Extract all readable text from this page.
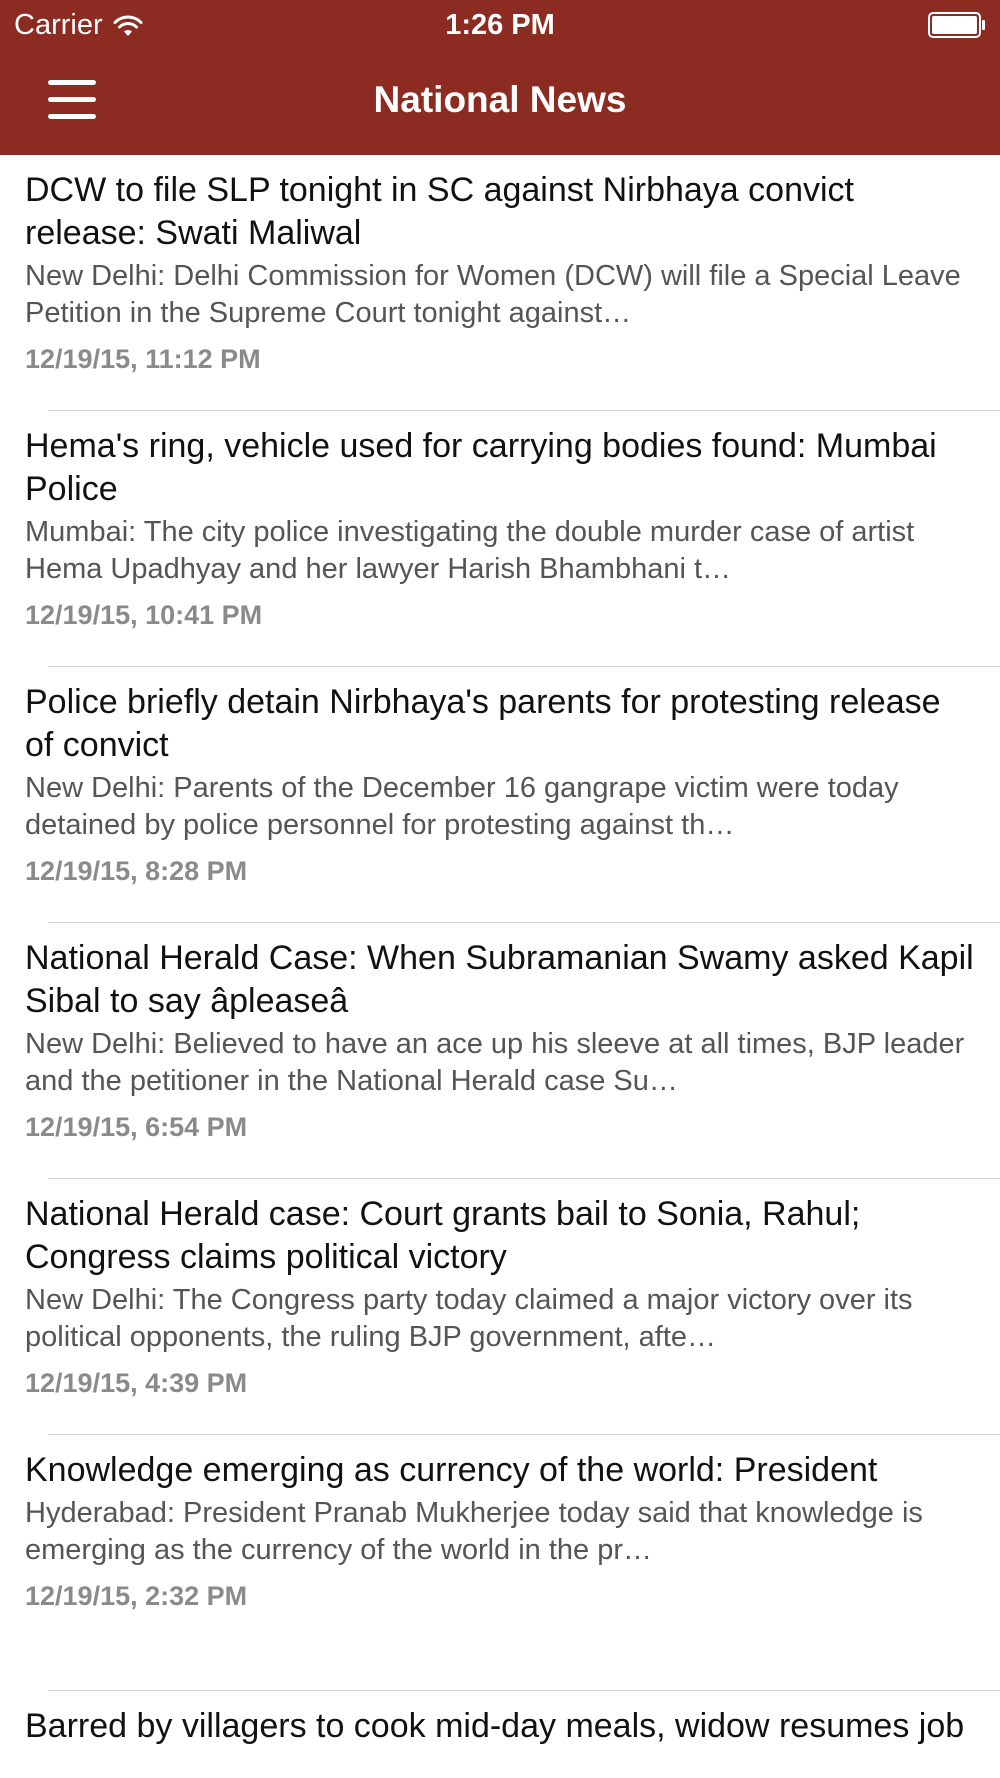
Carrier	1:26 PM
National News
DCW to file SLP tonight in SC against Nirbhaya convict release: Swati Maliwal
New Delhi: Delhi Commission for Women (DCW) will file a Special Leave Petition in the Supreme Court tonight against…
12/19/15, 11:12 PM
Hema's ring, vehicle used for carrying bodies found: Mumbai Police
Mumbai: The city police investigating the double murder case of artist Hema Upadhyay and her lawyer Harish Bhambhani t…
12/19/15, 10:41 PM
Police briefly detain Nirbhaya's parents for protesting release of convict
New Delhi: Parents of the December 16 gangrape victim were today detained by police personnel for protesting against th…
12/19/15, 8:28 PM
National Herald Case: When Subramanian Swamy asked Kapil Sibal to say âpleaseâ
New Delhi: Believed to have an ace up his sleeve at all times, BJP leader and the petitioner in the National Herald case Su…
12/19/15, 6:54 PM
National Herald case: Court grants bail to Sonia, Rahul; Congress claims political victory
New Delhi: The Congress party today claimed a major victory over its political opponents, the ruling BJP government, afte…
12/19/15, 4:39 PM
Knowledge emerging as currency of the world: President
Hyderabad: President Pranab Mukherjee today said that knowledge is emerging as the currency of the world in the pr…
12/19/15, 2:32 PM
Barred by villagers to cook mid-day meals, widow resumes job
